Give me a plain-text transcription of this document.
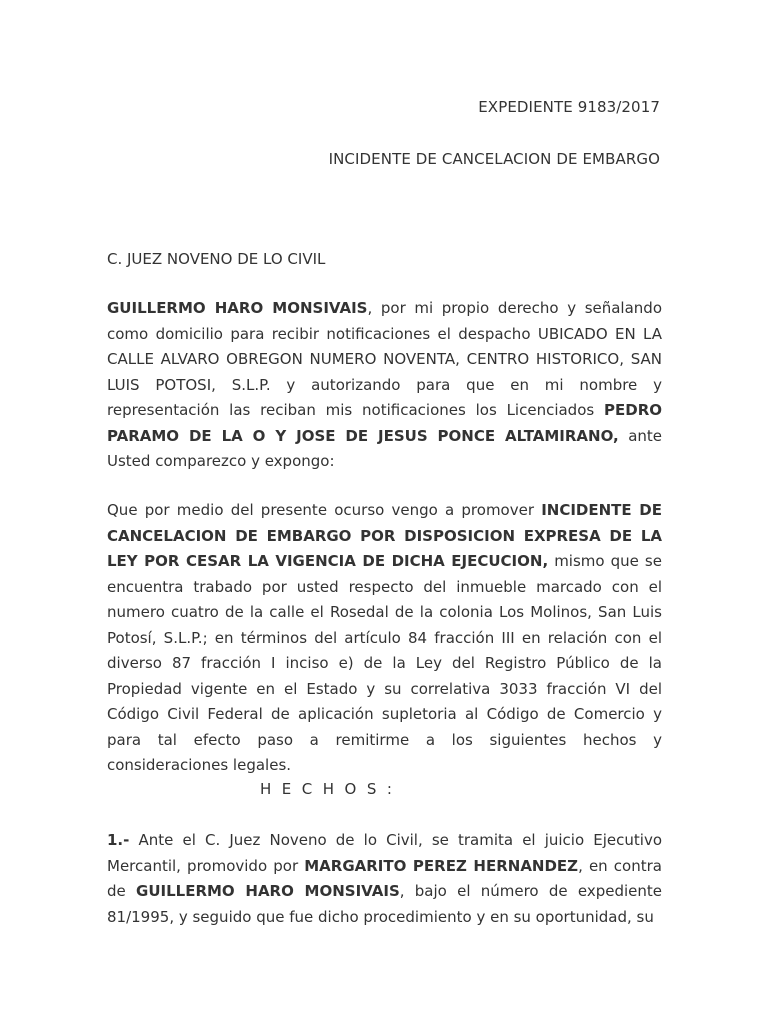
EXPEDIENTE 9183/2017
INCIDENTE DE CANCELACION DE EMBARGO
C. JUEZ NOVENO DE LO CIVIL
GUILLERMO HARO MONSIVAIS, por mi propio derecho y señalando como domicilio para recibir notificaciones el despacho UBICADO EN LA CALLE ALVARO OBREGON NUMERO NOVENTA, CENTRO HISTORICO, SAN LUIS POTOSI, S.L.P. y autorizando para que en mi nombre y representación las reciban mis notificaciones los Licenciados PEDRO PARAMO DE LA O Y JOSE DE JESUS PONCE ALTAMIRANO, ante Usted comparezco y expongo:
Que por medio del presente ocurso vengo a promover INCIDENTE DE CANCELACION DE EMBARGO POR DISPOSICION EXPRESA DE LA LEY POR CESAR LA VIGENCIA DE DICHA EJECUCION, mismo que se encuentra trabado por usted respecto del inmueble marcado con el numero cuatro de la calle el Rosedal de la colonia Los Molinos, San Luis Potosí, S.L.P.; en términos del artículo 84 fracción III en relación con el diverso 87 fracción I inciso e) de la Ley del Registro Público de la Propiedad vigente en el Estado y su correlativa 3033 fracción VI del Código Civil Federal de aplicación supletoria al Código de Comercio y para tal efecto paso a remitirme a los siguientes hechos y consideraciones legales.
HECHOS:
1.- Ante el C. Juez Noveno de lo Civil, se tramita el juicio Ejecutivo Mercantil, promovido por MARGARITO PEREZ HERNANDEZ, en contra de GUILLERMO HARO MONSIVAIS, bajo el número de expediente 81/1995, y seguido que fue dicho procedimiento y en su oportunidad, su
